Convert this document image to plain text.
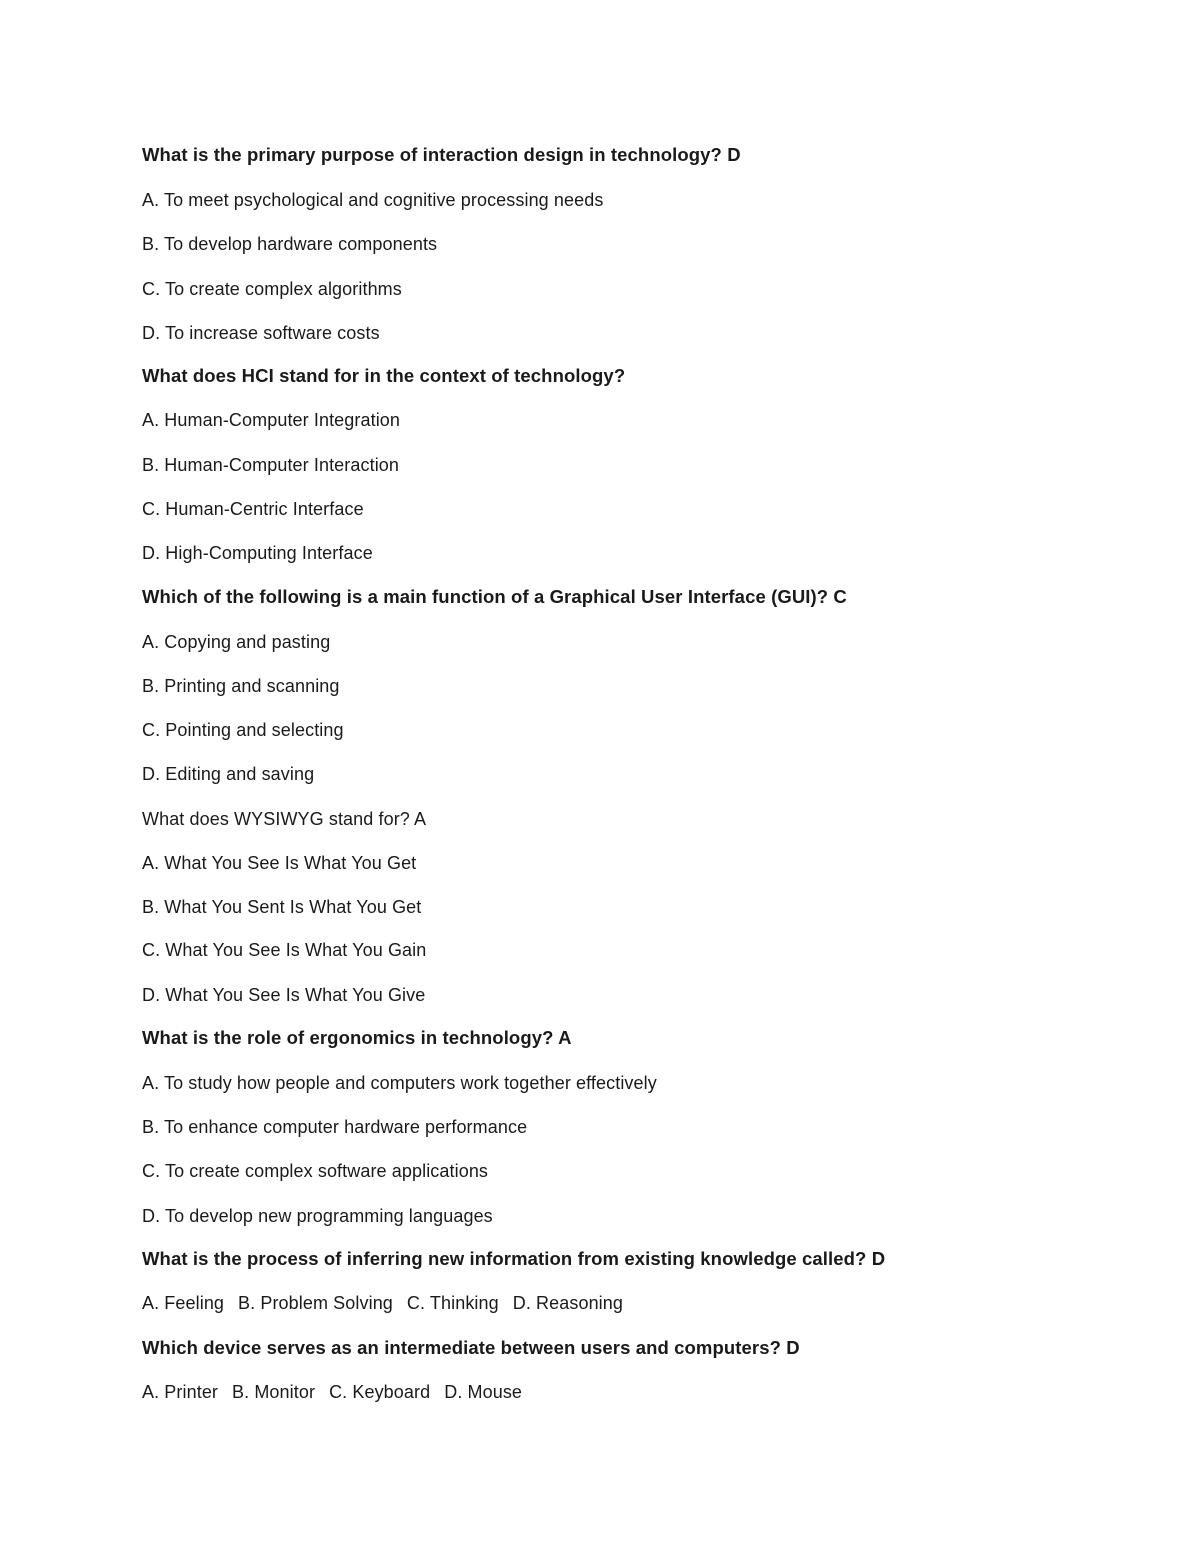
What is the primary purpose of interaction design in technology? D
A. To meet psychological and cognitive processing needs
B. To develop hardware components
C. To create complex algorithms
D. To increase software costs
What does HCI stand for in the context of technology?
A. Human-Computer Integration
B. Human-Computer Interaction
C. Human-Centric Interface
D. High-Computing Interface
Which of the following is a main function of a Graphical User Interface (GUI)? C
A. Copying and pasting
B. Printing and scanning
C. Pointing and selecting
D. Editing and saving
What does WYSIWYG stand for? A
A. What You See Is What You Get
B. What You Sent Is What You Get
C. What You See Is What You Gain
D. What You See Is What You Give
What is the role of ergonomics in technology? A
A. To study how people and computers work together effectively
B. To enhance computer hardware performance
C. To create complex software applications
D. To develop new programming languages
What is the process of inferring new information from existing knowledge called? D
A. Feeling B. Problem Solving C. Thinking D. Reasoning
Which device serves as an intermediate between users and computers? D
A. Printer B. Monitor C. Keyboard D. Mouse
